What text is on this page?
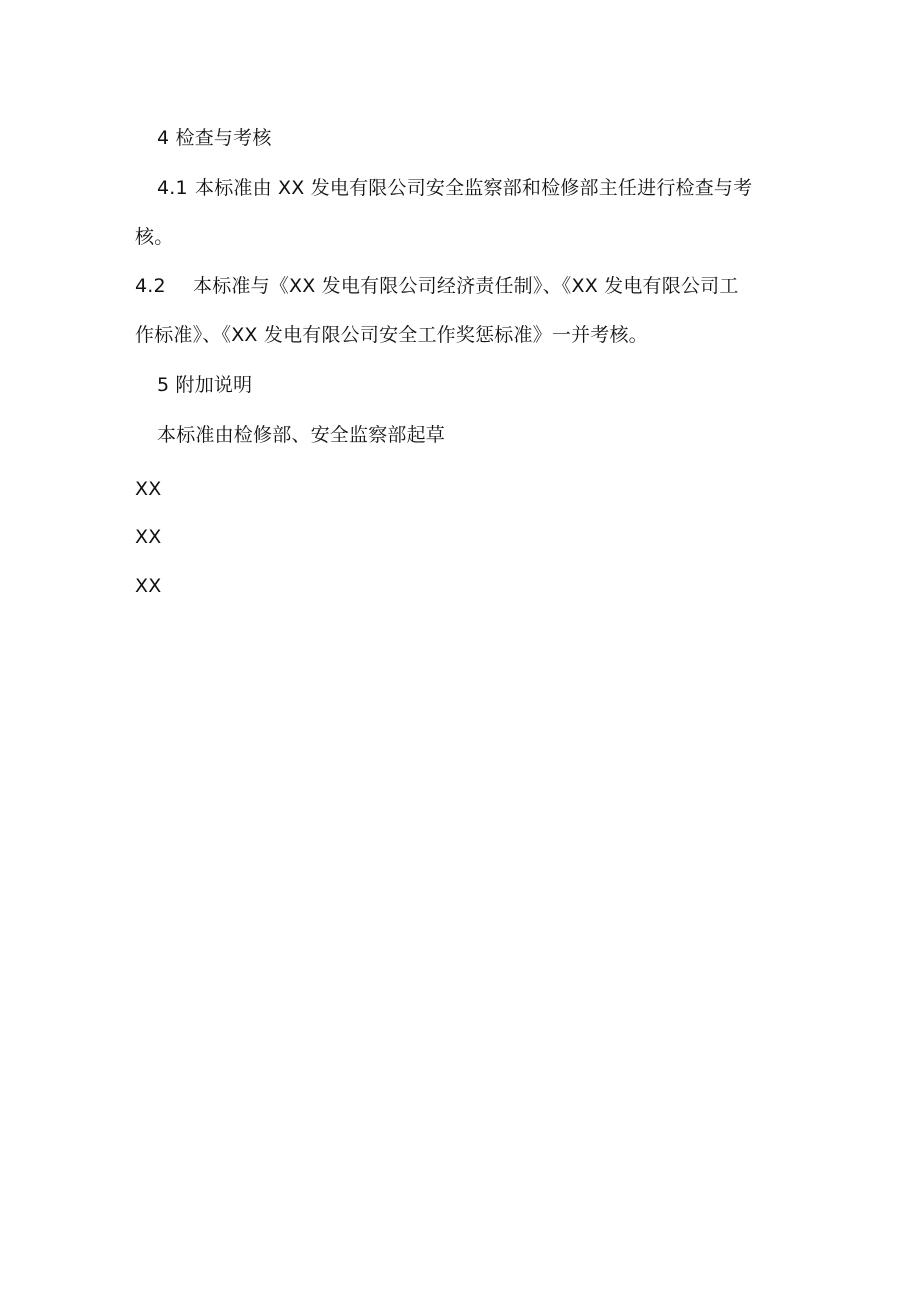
4 检查与考核
4.1 本标准由 XX 发电有限公司安全监察部和检修部主任进行检查与考
核。
4.2 本标准与《XX 发电有限公司经济责任制》、《XX 发电有限公司工
作标准》、《XX 发电有限公司安全工作奖惩标准》一并考核。
5 附加说明
本标准由检修部、安全监察部起草
XX
XX
XX
